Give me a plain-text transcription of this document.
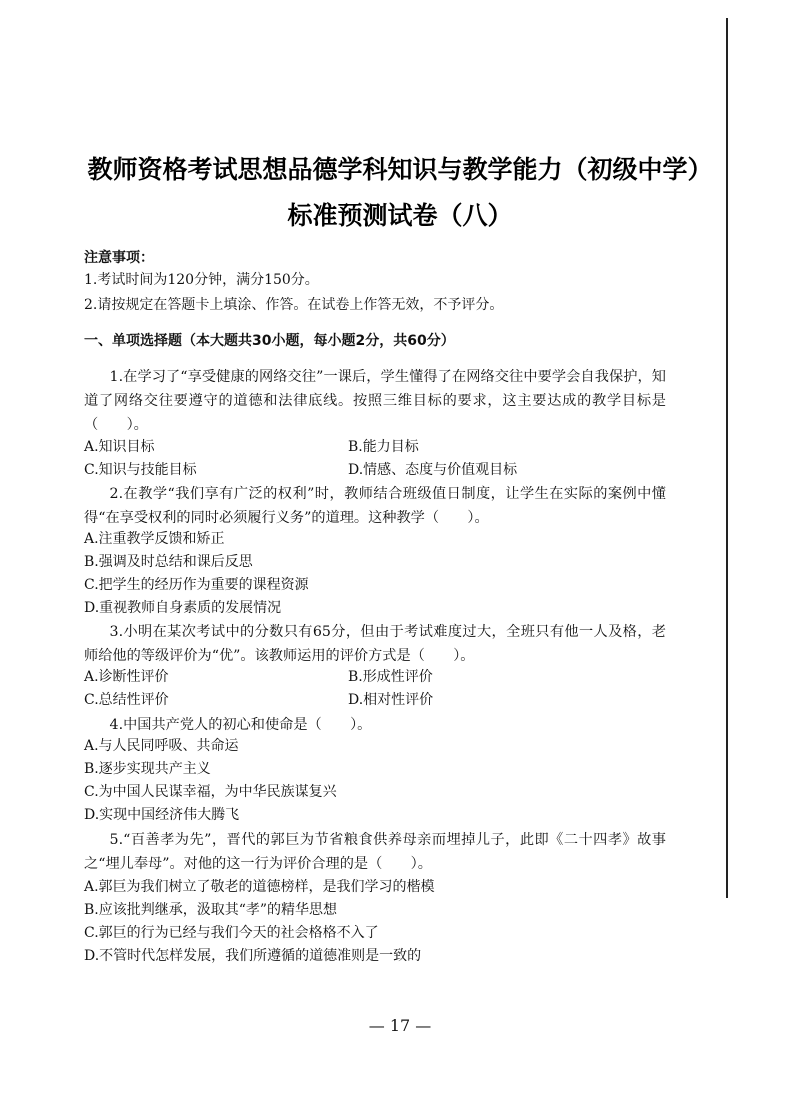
教师资格考试思想品德学科知识与教学能力（初级中学）
标准预测试卷（八）
注意事项：
1.考试时间为120分钟，满分150分。
2.请按规定在答题卡上填涂、作答。在试卷上作答无效，不予评分。
一、单项选择题（本大题共30小题，每小题2分，共60分）
1.在学习了“享受健康的网络交往”一课后，学生懂得了在网络交往中要学会自我保护，知道了网络交往要遵守的道德和法律底线。按照三维目标的要求，这主要达成的教学目标是（　　）。
A.知识目标	B.能力目标
C.知识与技能目标	D.情感、态度与价值观目标
2.在教学“我们享有广泛的权利”时，教师结合班级值日制度，让学生在实际的案例中懂得“在享受权利的同时必须履行义务”的道理。这种教学（　　）。
A.注重教学反馈和矫正
B.强调及时总结和课后反思
C.把学生的经历作为重要的课程资源
D.重视教师自身素质的发展情况
3.小明在某次考试中的分数只有65分，但由于考试难度过大，全班只有他一人及格，老师给他的等级评价为“优”。该教师运用的评价方式是（　　）。
A.诊断性评价	B.形成性评价
C.总结性评价	D.相对性评价
4.中国共产党人的初心和使命是（　　）。
A.与人民同呼吸、共命运
B.逐步实现共产主义
C.为中国人民谋幸福，为中华民族谋复兴
D.实现中国经济伟大腾飞
5.“百善孝为先”，晋代的郭巨为节省粮食供养母亲而埋掉儿子，此即《二十四孝》故事之“埋儿奉母”。对他的这一行为评价合理的是（　　）。
A.郭巨为我们树立了敬老的道德榜样，是我们学习的楷模
B.应该批判继承，汲取其“孝”的精华思想
C.郭巨的行为已经与我们今天的社会格格不入了
D.不管时代怎样发展，我们所遵循的道德准则是一致的
— 17 —
